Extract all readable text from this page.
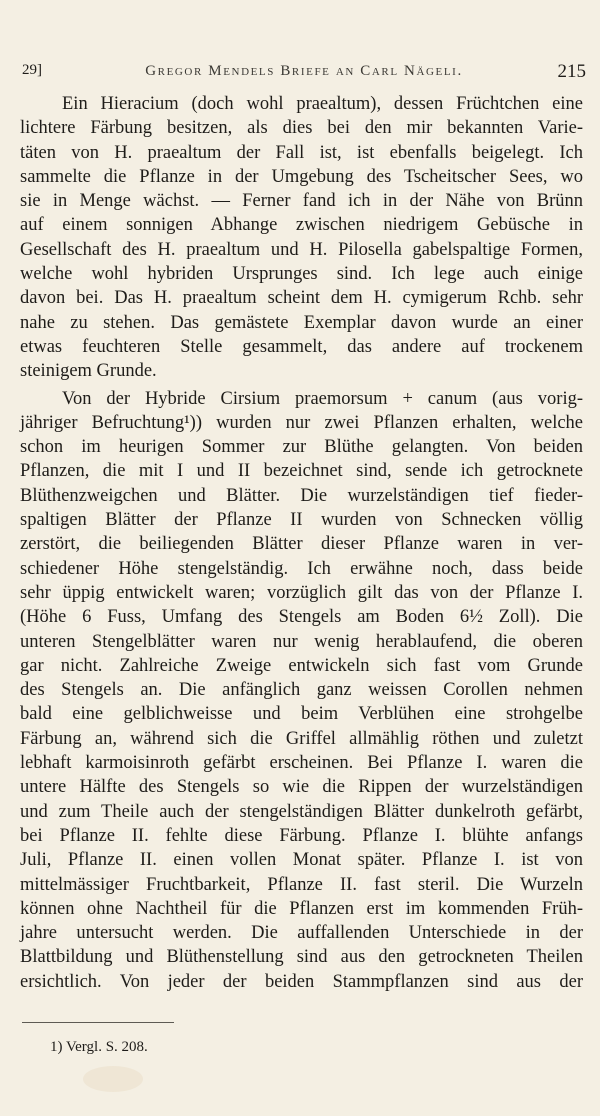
29]	Gregor Mendels Briefe an Carl Nägeli.	215
Ein Hieracium (doch wohl praealtum), dessen Früchtchen eine
lichtere Färbung besitzen, als dies bei den mir bekannten Varie-
täten von H. praealtum der Fall ist, ist ebenfalls beigelegt. Ich
sammelte die Pflanze in der Umgebung des Tscheitscher Sees, wo
sie in Menge wächst. — Ferner fand ich in der Nähe von Brünn
auf einem sonnigen Abhange zwischen niedrigem Gebüsche in
Gesellschaft des H. praealtum und H. Pilosella gabelspaltige Formen,
welche wohl hybriden Ursprunges sind. Ich lege auch einige
davon bei. Das H. praealtum scheint dem H. cymigerum Rchb. sehr
nahe zu stehen. Das gemästete Exemplar davon wurde an einer
etwas feuchteren Stelle gesammelt, das andere auf trockenem
steinigem Grunde.
Von der Hybride Cirsium praemorsum + canum (aus vorig-
jähriger Befruchtung¹)) wurden nur zwei Pflanzen erhalten, welche
schon im heurigen Sommer zur Blüthe gelangten. Von beiden
Pflanzen, die mit I und II bezeichnet sind, sende ich getrocknete
Blüthenzweigchen und Blätter. Die wurzelständigen tief fieder-
spaltigen Blätter der Pflanze II wurden von Schnecken völlig
zerstört, die beiliegenden Blätter dieser Pflanze waren in ver-
schiedener Höhe stengelständig. Ich erwähne noch, dass beide
sehr üppig entwickelt waren; vorzüglich gilt das von der Pflanze I.
(Höhe 6 Fuss, Umfang des Stengels am Boden 6½ Zoll). Die
unteren Stengelblätter waren nur wenig herablaufend, die oberen
gar nicht. Zahlreiche Zweige entwickeln sich fast vom Grunde
des Stengels an. Die anfänglich ganz weissen Corollen nehmen
bald eine gelblichweisse und beim Verblühen eine strohgelbe
Färbung an, während sich die Griffel allmählig röthen und zuletzt
lebhaft karmoisinroth gefärbt erscheinen. Bei Pflanze I. waren die
untere Hälfte des Stengels so wie die Rippen der wurzelständigen
und zum Theile auch der stengelständigen Blätter dunkelroth gefärbt,
bei Pflanze II. fehlte diese Färbung. Pflanze I. blühte anfangs
Juli, Pflanze II. einen vollen Monat später. Pflanze I. ist von
mittelmässiger Fruchtbarkeit, Pflanze II. fast steril. Die Wurzeln
können ohne Nachtheil für die Pflanzen erst im kommenden Früh-
jahre untersucht werden. Die auffallenden Unterschiede in der
Blattbildung und Blüthenstellung sind aus den getrockneten Theilen
ersichtlich. Von jeder der beiden Stammpflanzen sind aus der
1) Vergl. S. 208.
